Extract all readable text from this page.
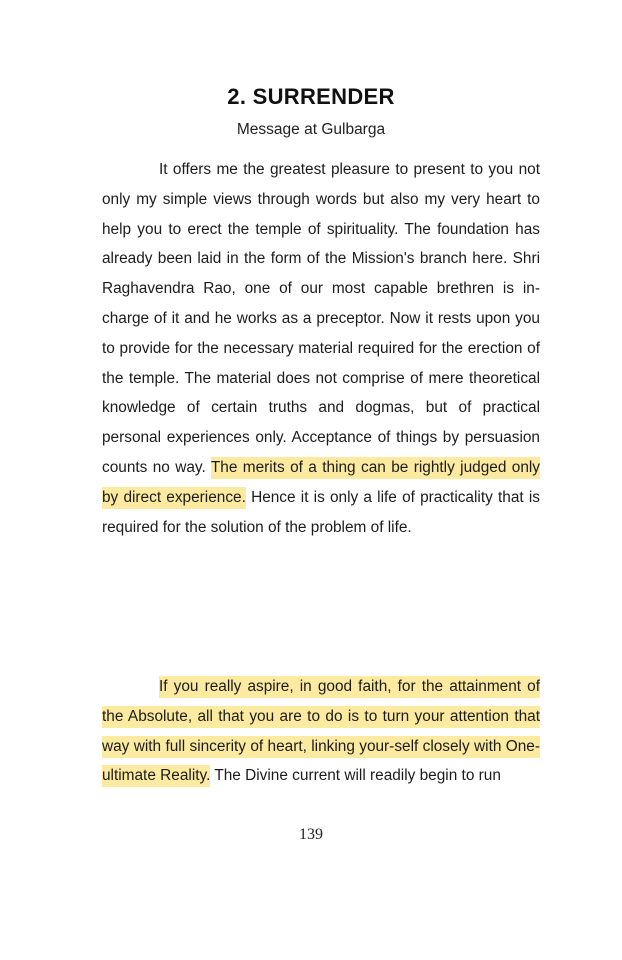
2. SURRENDER
Message at Gulbarga

It offers me the greatest pleasure to present to you not only my simple views through words but also my very heart to help you to erect the temple of spirituality. The foundation has already been laid in the form of the Mission's branch here. Shri Raghavendra Rao, one of our most capable brethren is in-charge of it and he works as a preceptor. Now it rests upon you to provide for the necessary material required for the erection of the temple. The material does not comprise of mere theoretical knowledge of certain truths and dogmas, but of practical personal experiences only. Acceptance of things by persuasion counts no way. The merits of a thing can be rightly judged only by direct experience. Hence it is only a life of practicality that is required for the solution of the problem of life.

If you really aspire, in good faith, for the attainment of the Absolute, all that you are to do is to turn your attention that way with full sincerity of heart, linking your-self closely with One-ultimate Reality. The Divine current will readily begin to run

139
